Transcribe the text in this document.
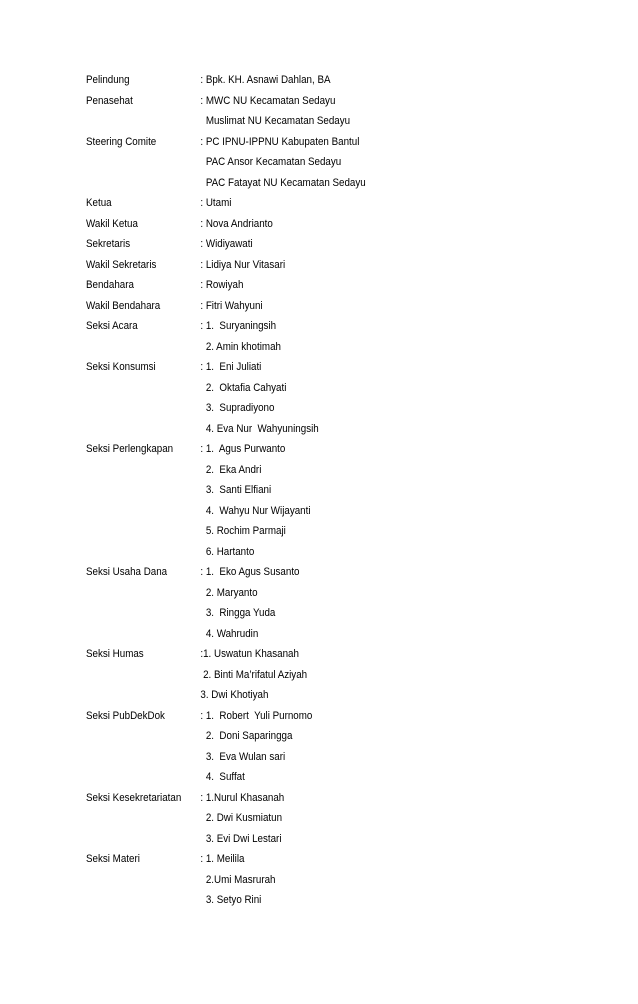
Pelindung	: Bpk. KH. Asnawi Dahlan, BA
Penasehat	: MWC NU Kecamatan Sedayu
Muslimat NU Kecamatan Sedayu
Steering Comite	: PC IPNU-IPPNU Kabupaten Bantul
PAC Ansor Kecamatan Sedayu
PAC Fatayat NU Kecamatan Sedayu
Ketua	: Utami
Wakil Ketua	: Nova Andrianto
Sekretaris	: Widiyawati
Wakil Sekretaris	: Lidiya Nur Vitasari
Bendahara	: Rowiyah
Wakil Bendahara	: Fitri Wahyuni
Seksi Acara	: 1.  Suryaningsih
2. Amin khotimah
Seksi Konsumsi	: 1.  Eni Juliati
2.  Oktafia Cahyati
3.  Supradiyono
4. Eva Nur  Wahyuningsih
Seksi Perlengkapan : 1.  Agus Purwanto
2.  Eka Andri
3.  Santi Elfiani
4.  Wahyu Nur Wijayanti
5. Rochim Parmaji
6. Hartanto
Seksi Usaha Dana	: 1.  Eko Agus Susanto
2. Maryanto
3.  Ringga Yuda
4. Wahrudin
Seksi Humas	:1. Uswatun Khasanah
2. Binti Ma’rifatul Aziyah
3. Dwi Khotiyah
Seksi PubDekDok	: 1.  Robert  Yuli Purnomo
2.  Doni Saparingga
3.  Eva Wulan sari
4.  Suffat
Seksi Kesekretariatan : 1.Nurul Khasanah
2. Dwi Kusmiatun
3. Evi Dwi Lestari
Seksi Materi	: 1. Meilila
2.Umi Masrurah
3. Setyo Rini
